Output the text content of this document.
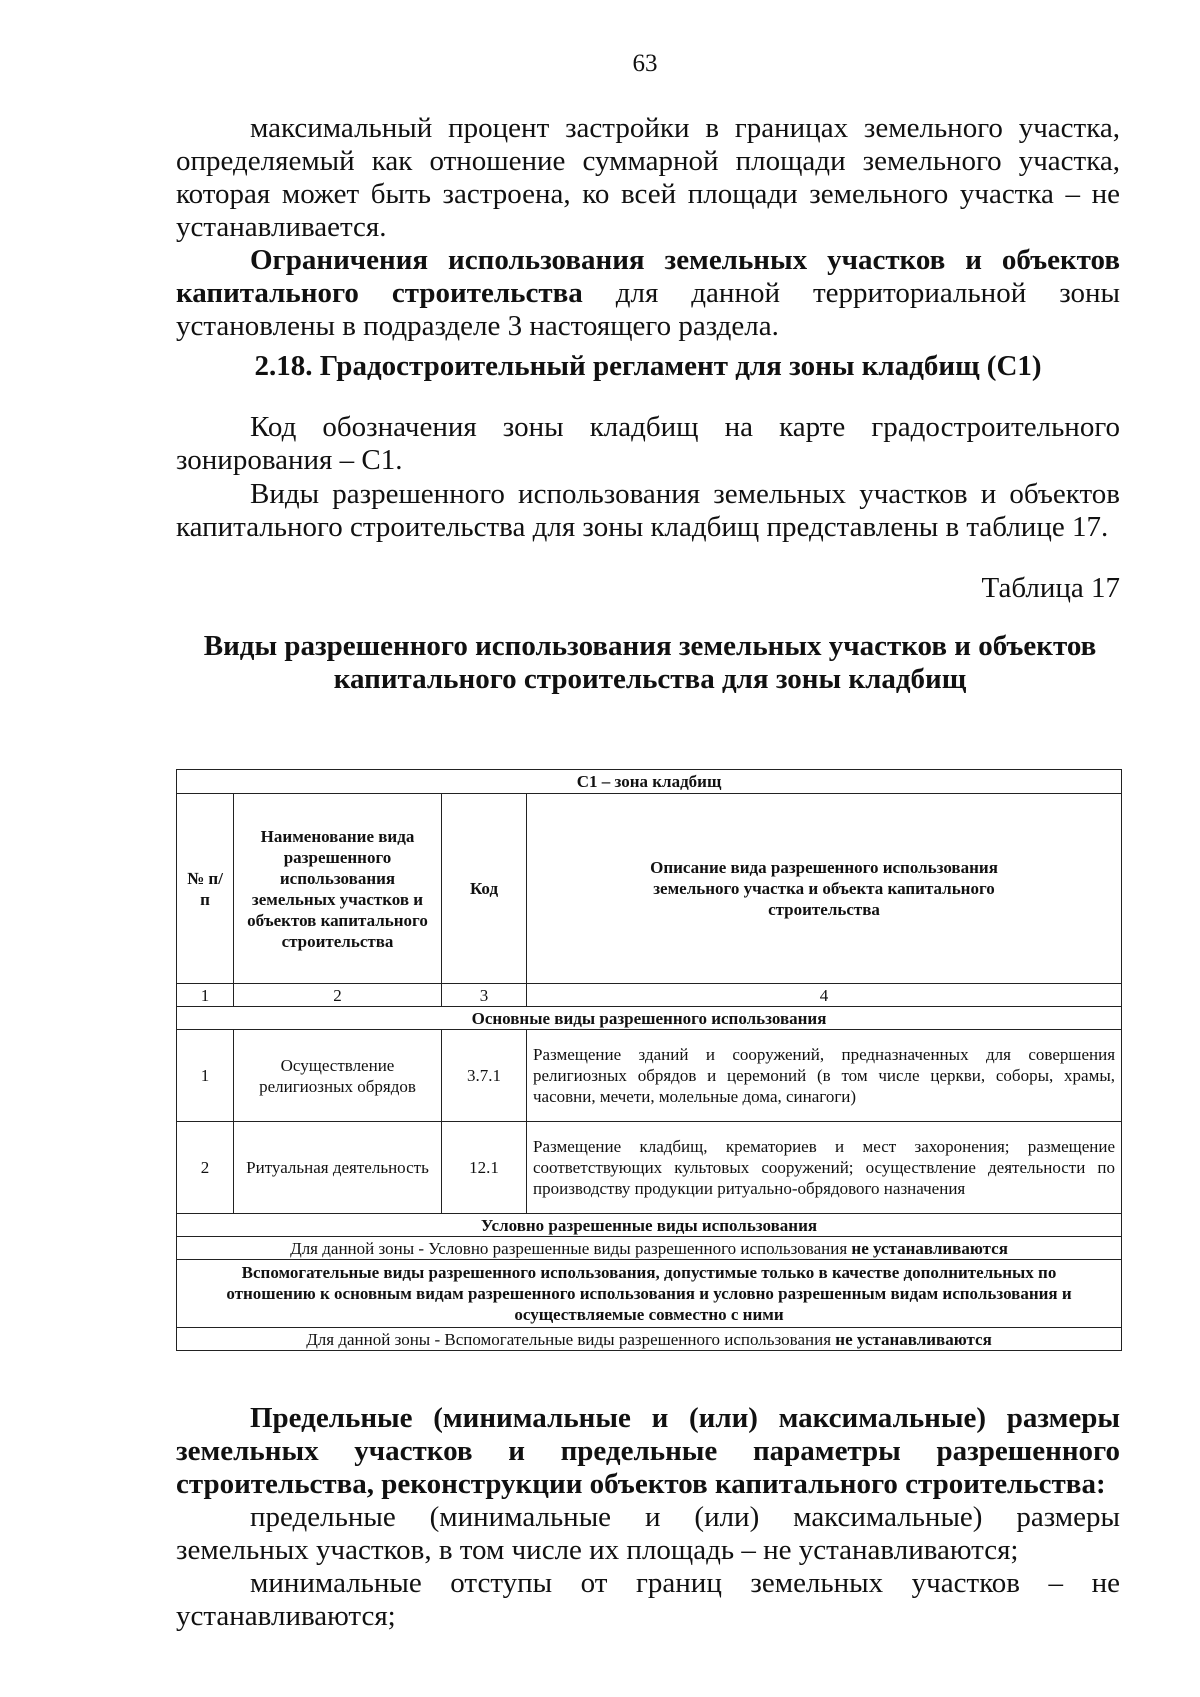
63
максимальный процент застройки в границах земельного участка, определяемый как отношение суммарной площади земельного участка, которая может быть застроена, ко всей площади земельного участка – не устанавливается.
Ограничения использования земельных участков и объектов капитального строительства для данной территориальной зоны установлены в подразделе 3 настоящего раздела.
2.18. Градостроительный регламент для зоны кладбищ (С1)
Код обозначения зоны кладбищ на карте градостроительного зонирования – С1.
Виды разрешенного использования земельных участков и объектов капитального строительства для зоны кладбищ представлены в таблице 17.
Таблица 17
Виды разрешенного использования земельных участков и объектов
капитального строительства для зоны кладбищ
С1 – зона кладбищ			
№ п/п	Наименование вида разрешенного использования земельных участков и объектов капитального строительства	Код	Описание вида разрешенного использования земельного участка и объекта капитального строительства
1	2	3	4
Основные виды разрешенного использования			
1	Осуществление религиозных обрядов	3.7.1	Размещение зданий и сооружений, предназначенных для совершения религиозных обрядов и церемоний (в том числе церкви, соборы, храмы, часовни, мечети, молельные дома, синагоги)
2	Ритуальная деятельность	12.1	Размещение кладбищ, крематориев и мест захоронения; размещение соответствующих культовых сооружений; осуществление деятельности по производству продукции ритуально-обрядового назначения
Условно разрешенные виды использования			
Для данной зоны - Условно разрешенные виды разрешенного использования не устанавливаются			
Вспомогательные виды разрешенного использования, допустимые только в качестве дополнительных по отношению к основным видам разрешенного использования и условно разрешенным видам использования и осуществляемые совместно с ними			
Для данной зоны - Вспомогательные виды разрешенного использования не устанавливаются			
Предельные (минимальные и (или) максимальные) размеры земельных участков и предельные параметры разрешенного строительства, реконструкции объектов капитального строительства:
предельные (минимальные и (или) максимальные) размеры земельных участков, в том числе их площадь – не устанавливаются;
минимальные отступы от границ земельных участков – не устанавливаются;
